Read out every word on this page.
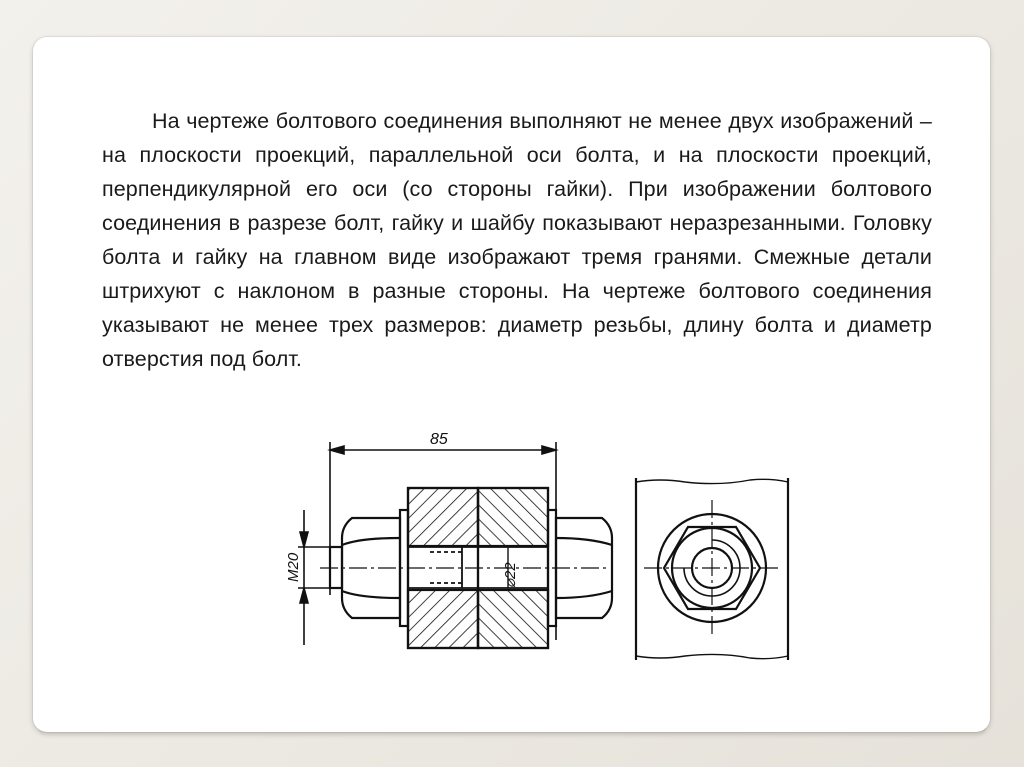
На чертеже болтового соединения выполняют не менее двух изображений – на плоскости проекций, параллельной оси болта, и на плоскости проекций, перпендикулярной его оси (со стороны гайки). При изображении болтового соединения в разрезе болт, гайку и шайбу показывают неразрезанными. Головку болта и гайку на главном виде изображают тремя гранями. Смежные детали штрихуют с наклоном в разные стороны. На чертеже болтового соединения указывают не менее трех размеров: диаметр резьбы, длину болта и диаметр отверстия под болт.

85
M20	⌀22
